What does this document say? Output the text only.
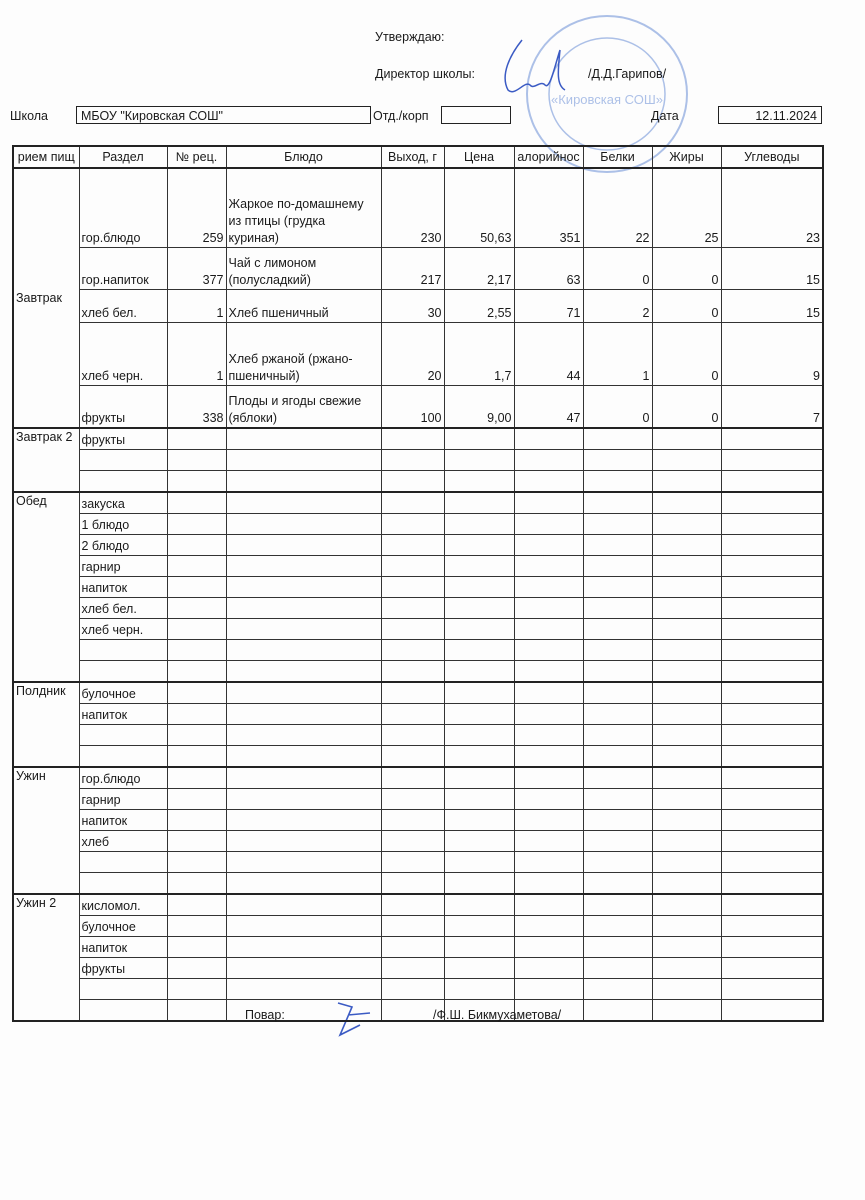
«Кировская СОШ»
Утверждаю:
Директор школы:	/Д.Д.Гарипов/
Школа	МБОУ "Кировская СОШ"	Отд./корп	Дата	12.11.2024
рием пищ	Раздел	№ рец.	Блюдо	Выход, г	Цена	алорийнос	Белки	Жиры	Углеводы
Завтрак	гор.блюдо	259	Жаркое по-домашнему из птицы (грудка куриная)	230	50,63	351	22	25	23
	гор.напиток	377	Чай с лимоном (полусладкий)	217	2,17	63	0	0	15
	хлеб бел.	1	Хлеб пшеничный	30	2,55	71	2	0	15
	хлеб черн.	1	Хлеб ржаной (ржано-пшеничный)	20	1,7	44	1	0	9
	фрукты	338	Плоды и ягоды свежие (яблоки)	100	9,00	47	0	0	7
Завтрак 2	фрукты								

Обед	закуска								
	1 блюдо								
	2 блюдо								
	гарнир								
	напиток								
	хлеб бел.								
	хлеб черн.								

Полдник	булочное								
	напиток								

Ужин	гор.блюдо								
	гарнир								
	напиток								
	хлеб								

Ужин 2	кисломол.								
	булочное								
	напиток								
	фрукты								

Повар:	/Ф.Ш. Бикмухаметова/
